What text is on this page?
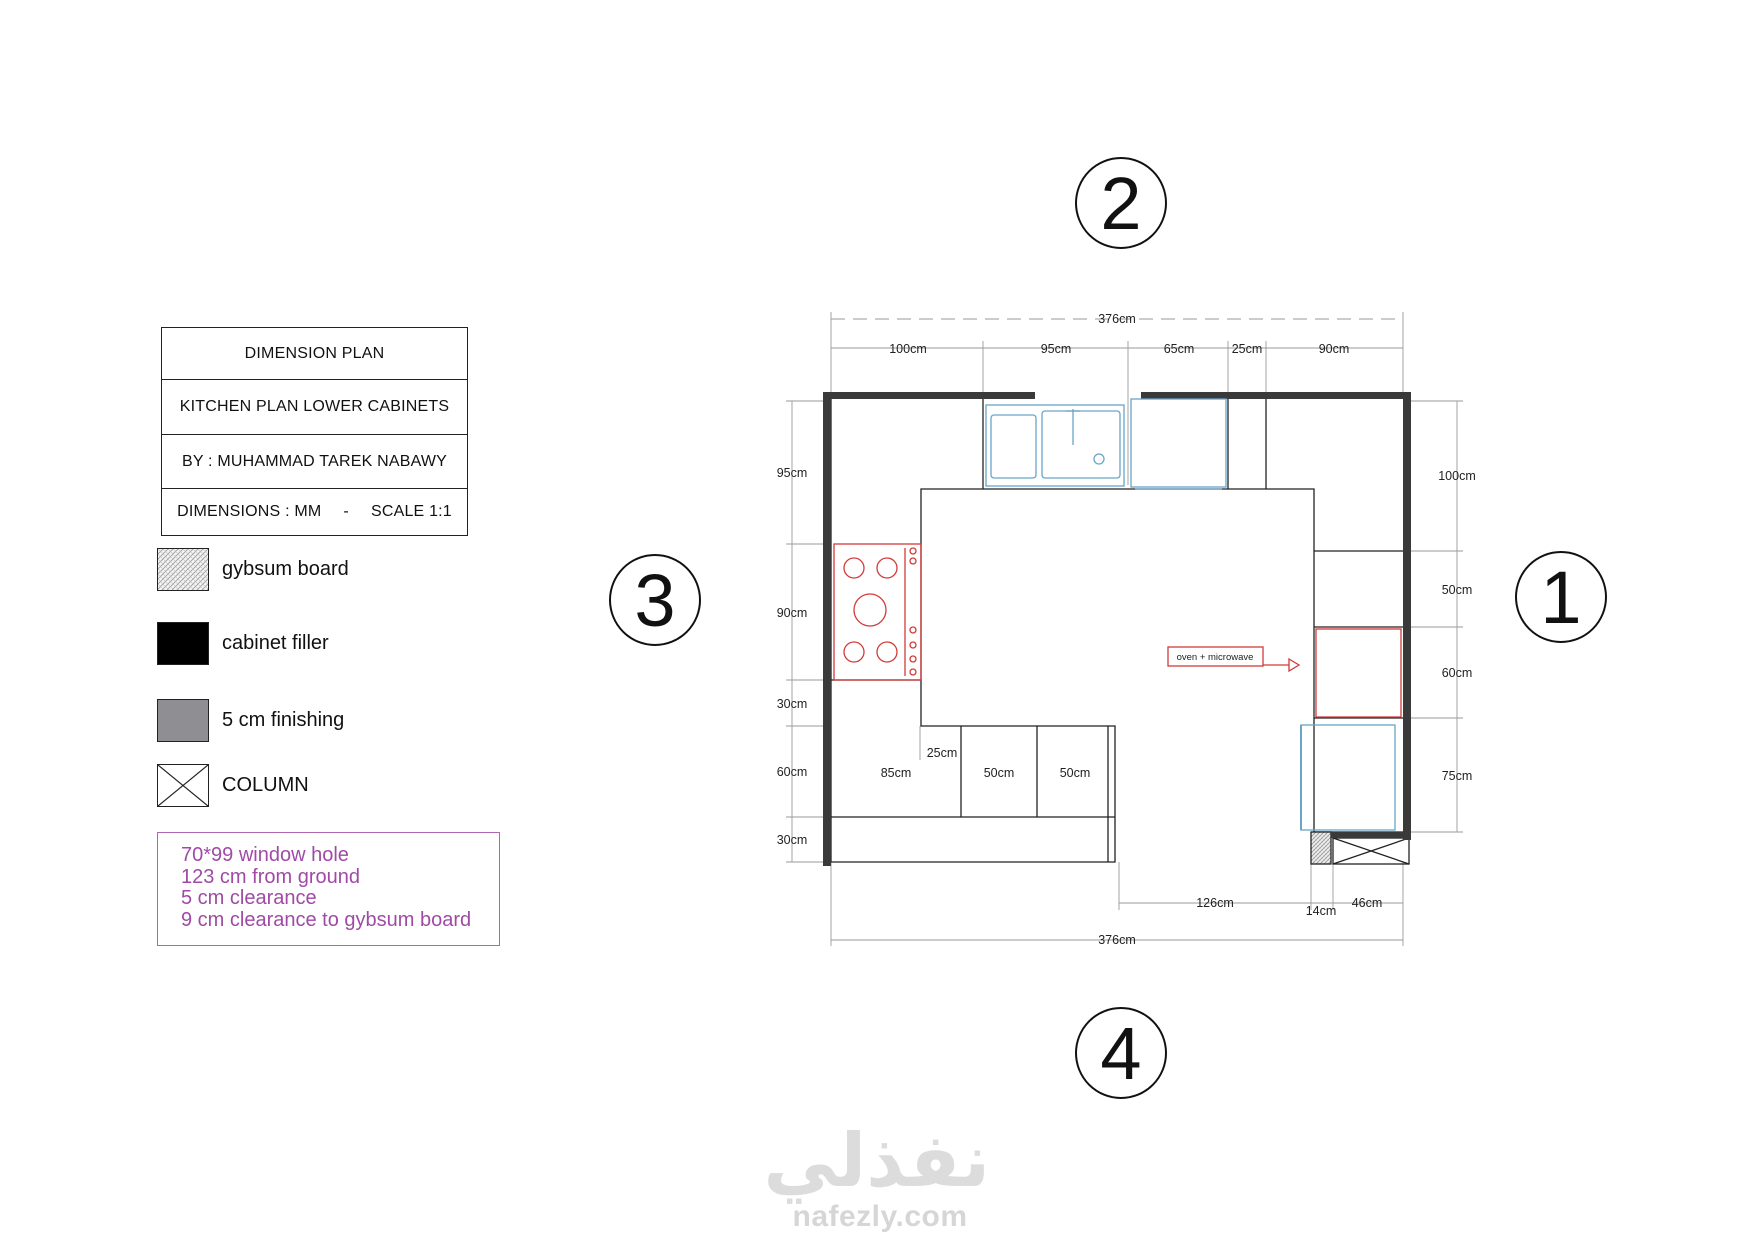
DIMENSION PLAN
KITCHEN PLAN LOWER CABINETS
BY : MUHAMMAD TAREK NABAWY
DIMENSIONS : MM - SCALE 1:1
gybsum board
cabinet filler
5 cm finishing
COLUMN
70*99 window hole
123 cm from ground
5 cm clearance
9 cm clearance to gybsum board
2
3	1
4
376cm
100cm	95cm	65cm	25cm	90cm
95cm
90cm
30cm
60cm
30cm
100cm
50cm
60cm
75cm
85cm
25cm
50cm	50cm
126cm
14cm
46cm
376cm
oven + microwave
نفذلي
nafezly.com
